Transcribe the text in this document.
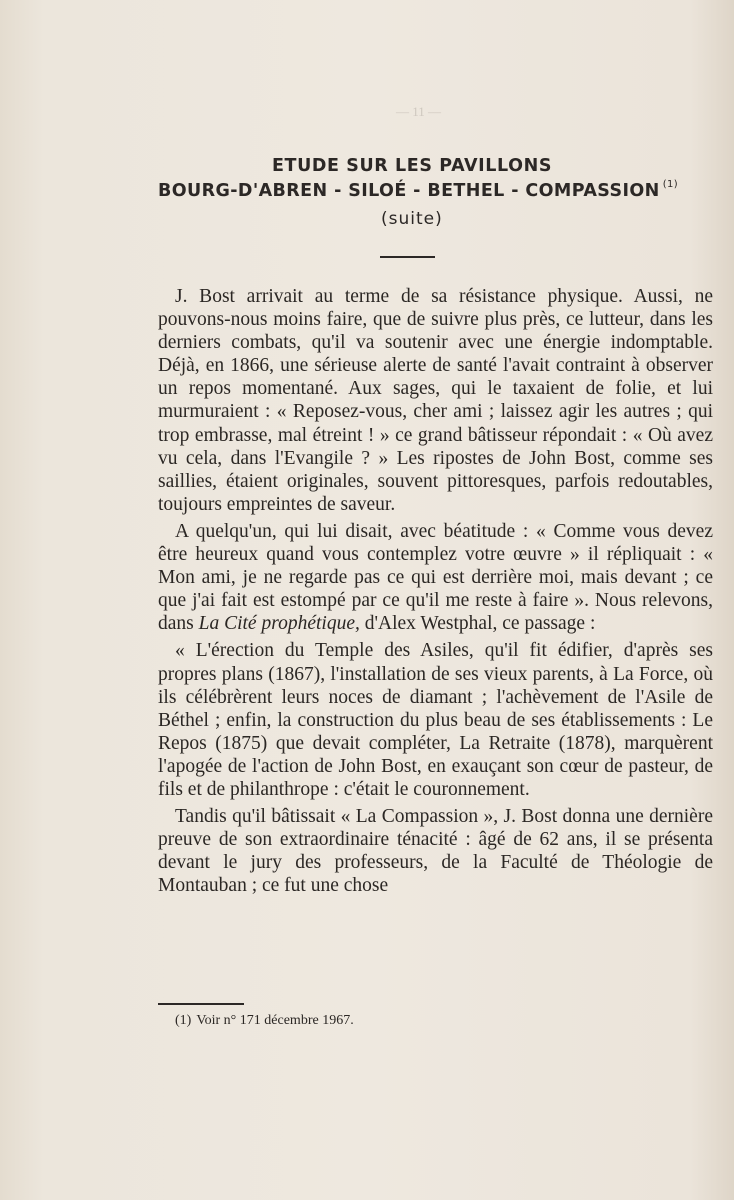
— 11 —
ETUDE SUR LES PAVILLONS
BOURG-D'ABREN - SILOÉ - BETHEL - COMPASSION $^{(1)}$
(suite)

J. Bost arrivait au terme de sa résistance physique. Aussi, ne pouvons-nous moins faire, que de suivre plus près, ce lutteur, dans les derniers combats, qu'il va soutenir avec une énergie indomptable. Déjà, en 1866, une sérieuse alerte de santé l'avait contraint à observer un repos momentané. Aux sages, qui le taxaient de folie, et lui murmuraient : « Reposez-vous, cher ami ; laissez agir les autres ; qui trop embrasse, mal étreint ! » ce grand bâtisseur répondait : « Où avez vu cela, dans l'Evangile ? » Les ripostes de John Bost, comme ses saillies, étaient originales, souvent pittoresques, parfois redoutables, toujours empreintes de saveur.

A quelqu'un, qui lui disait, avec béatitude : « Comme vous devez être heureux quand vous contemplez votre œuvre » il répliquait : « Mon ami, je ne regarde pas ce qui est derrière moi, mais devant ; ce que j'ai fait est estompé par ce qu'il me reste à faire ». Nous relevons, dans La Cité prophétique, d'Alex Westphal, ce passage :

« L'érection du Temple des Asiles, qu'il fit édifier, d'après ses propres plans (1867), l'installation de ses vieux parents, à La Force, où ils célébrèrent leurs noces de diamant ; l'achèvement de l'Asile de Béthel ; enfin, la construction du plus beau de ses établissements : Le Repos (1875) que devait compléter, La Retraite (1878), marquèrent l'apogée de l'action de John Bost, en exauçant son cœur de pasteur, de fils et de philanthrope : c'était le couronnement.

Tandis qu'il bâtissait « La Compassion », J. Bost donna une dernière preuve de son extraordinaire ténacité : âgé de 62 ans, il se présenta devant le jury des professeurs, de la Faculté de Théologie de Montauban ; ce fut une chose

(1) Voir n° 171 décembre 1967.
